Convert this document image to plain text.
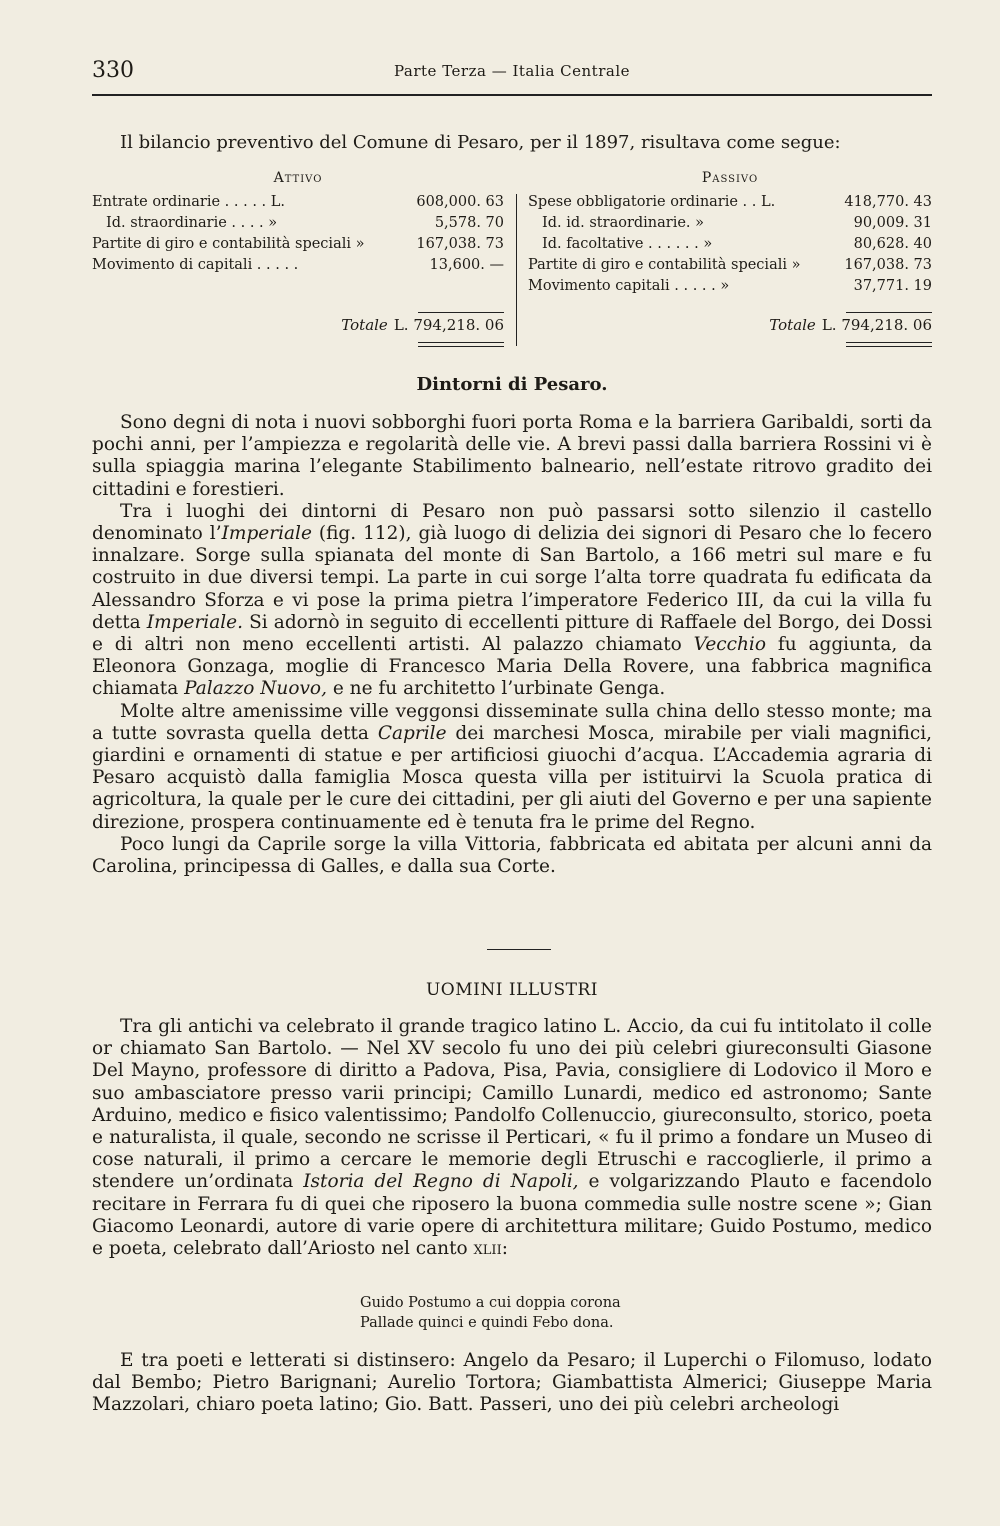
330	Parte Terza — Italia Centrale
Il bilancio preventivo del Comune di Pesaro, per il 1897, risultava come segue:
Attivo
Entrate ordinarie . . . . . L.	608,000. 63
Id. straordinarie . . . . »	5,578. 70
Partite di giro e contabilità speciali »	167,038. 73
Movimento di capitali . . . . .	13,600. —
Totale L. 794,218. 06
Passivo
Spese obbligatorie ordinarie . . L.	418,770. 43
Id. id. straordinarie. »	90,009. 31
Id. facoltative . . . . . . »	80,628. 40
Partite di giro e contabilità speciali »	167,038. 73
Movimento capitali . . . . . »	37,771. 19
Totale L. 794,218. 06
Dintorni di Pesaro.

Sono degni di nota i nuovi sobborghi fuori porta Roma e la barriera Garibaldi, sorti da pochi anni, per l’ampiezza e regolarità delle vie. A brevi passi dalla barriera Rossini vi è sulla spiaggia marina l’elegante Stabilimento balneario, nell’estate ritrovo gradito dei cittadini e forestieri.

Tra i luoghi dei dintorni di Pesaro non può passarsi sotto silenzio il castello denominato l’Imperiale (fig. 112), già luogo di delizia dei signori di Pesaro che lo fecero innalzare. Sorge sulla spianata del monte di San Bartolo, a 166 metri sul mare e fu costruito in due diversi tempi. La parte in cui sorge l’alta torre quadrata fu edificata da Alessandro Sforza e vi pose la prima pietra l’imperatore Federico III, da cui la villa fu detta Imperiale. Si adornò in seguito di eccellenti pitture di Raffaele del Borgo, dei Dossi e di altri non meno eccellenti artisti. Al palazzo chiamato Vecchio fu aggiunta, da Eleonora Gonzaga, moglie di Francesco Maria Della Rovere, una fabbrica magnifica chiamata Palazzo Nuovo, e ne fu architetto l’urbinate Genga.

Molte altre amenissime ville veggonsi disseminate sulla china dello stesso monte; ma a tutte sovrasta quella detta Caprile dei marchesi Mosca, mirabile per viali magnifici, giardini e ornamenti di statue e per artificiosi giuochi d’acqua. L’Accademia agraria di Pesaro acquistò dalla famiglia Mosca questa villa per istituirvi la Scuola pratica di agricoltura, la quale per le cure dei cittadini, per gli aiuti del Governo e per una sapiente direzione, prospera continuamente ed è tenuta fra le prime del Regno.

Poco lungi da Caprile sorge la villa Vittoria, fabbricata ed abitata per alcuni anni da Carolina, principessa di Galles, e dalla sua Corte.

UOMINI ILLUSTRI

Tra gli antichi va celebrato il grande tragico latino L. Accio, da cui fu intitolato il colle or chiamato San Bartolo. — Nel XV secolo fu uno dei più celebri giureconsulti Giasone Del Mayno, professore di diritto a Padova, Pisa, Pavia, consigliere di Lodovico il Moro e suo ambasciatore presso varii principi; Camillo Lunardi, medico ed astronomo; Sante Arduino, medico e fisico valentissimo; Pandolfo Collenuccio, giureconsulto, storico, poeta e naturalista, il quale, secondo ne scrisse il Perticari, « fu il primo a fondare un Museo di cose naturali, il primo a cercare le memorie degli Etruschi e raccoglierle, il primo a stendere un’ordinata Istoria del Regno di Napoli, e volgarizzando Plauto e facendolo recitare in Ferrara fu di quei che riposero la buona commedia sulle nostre scene »; Gian Giacomo Leonardi, autore di varie opere di architettura militare; Guido Postumo, medico e poeta, celebrato dall’Ariosto nel canto xlii:

Guido Postumo a cui doppia corona
Pallade quinci e quindi Febo dona.

E tra poeti e letterati si distinsero: Angelo da Pesaro; il Luperchi o Filomuso, lodato dal Bembo; Pietro Barignani; Aurelio Tortora; Giambattista Almerici; Giuseppe Maria Mazzolari, chiaro poeta latino; Gio. Batt. Passeri, uno dei più celebri archeologi
